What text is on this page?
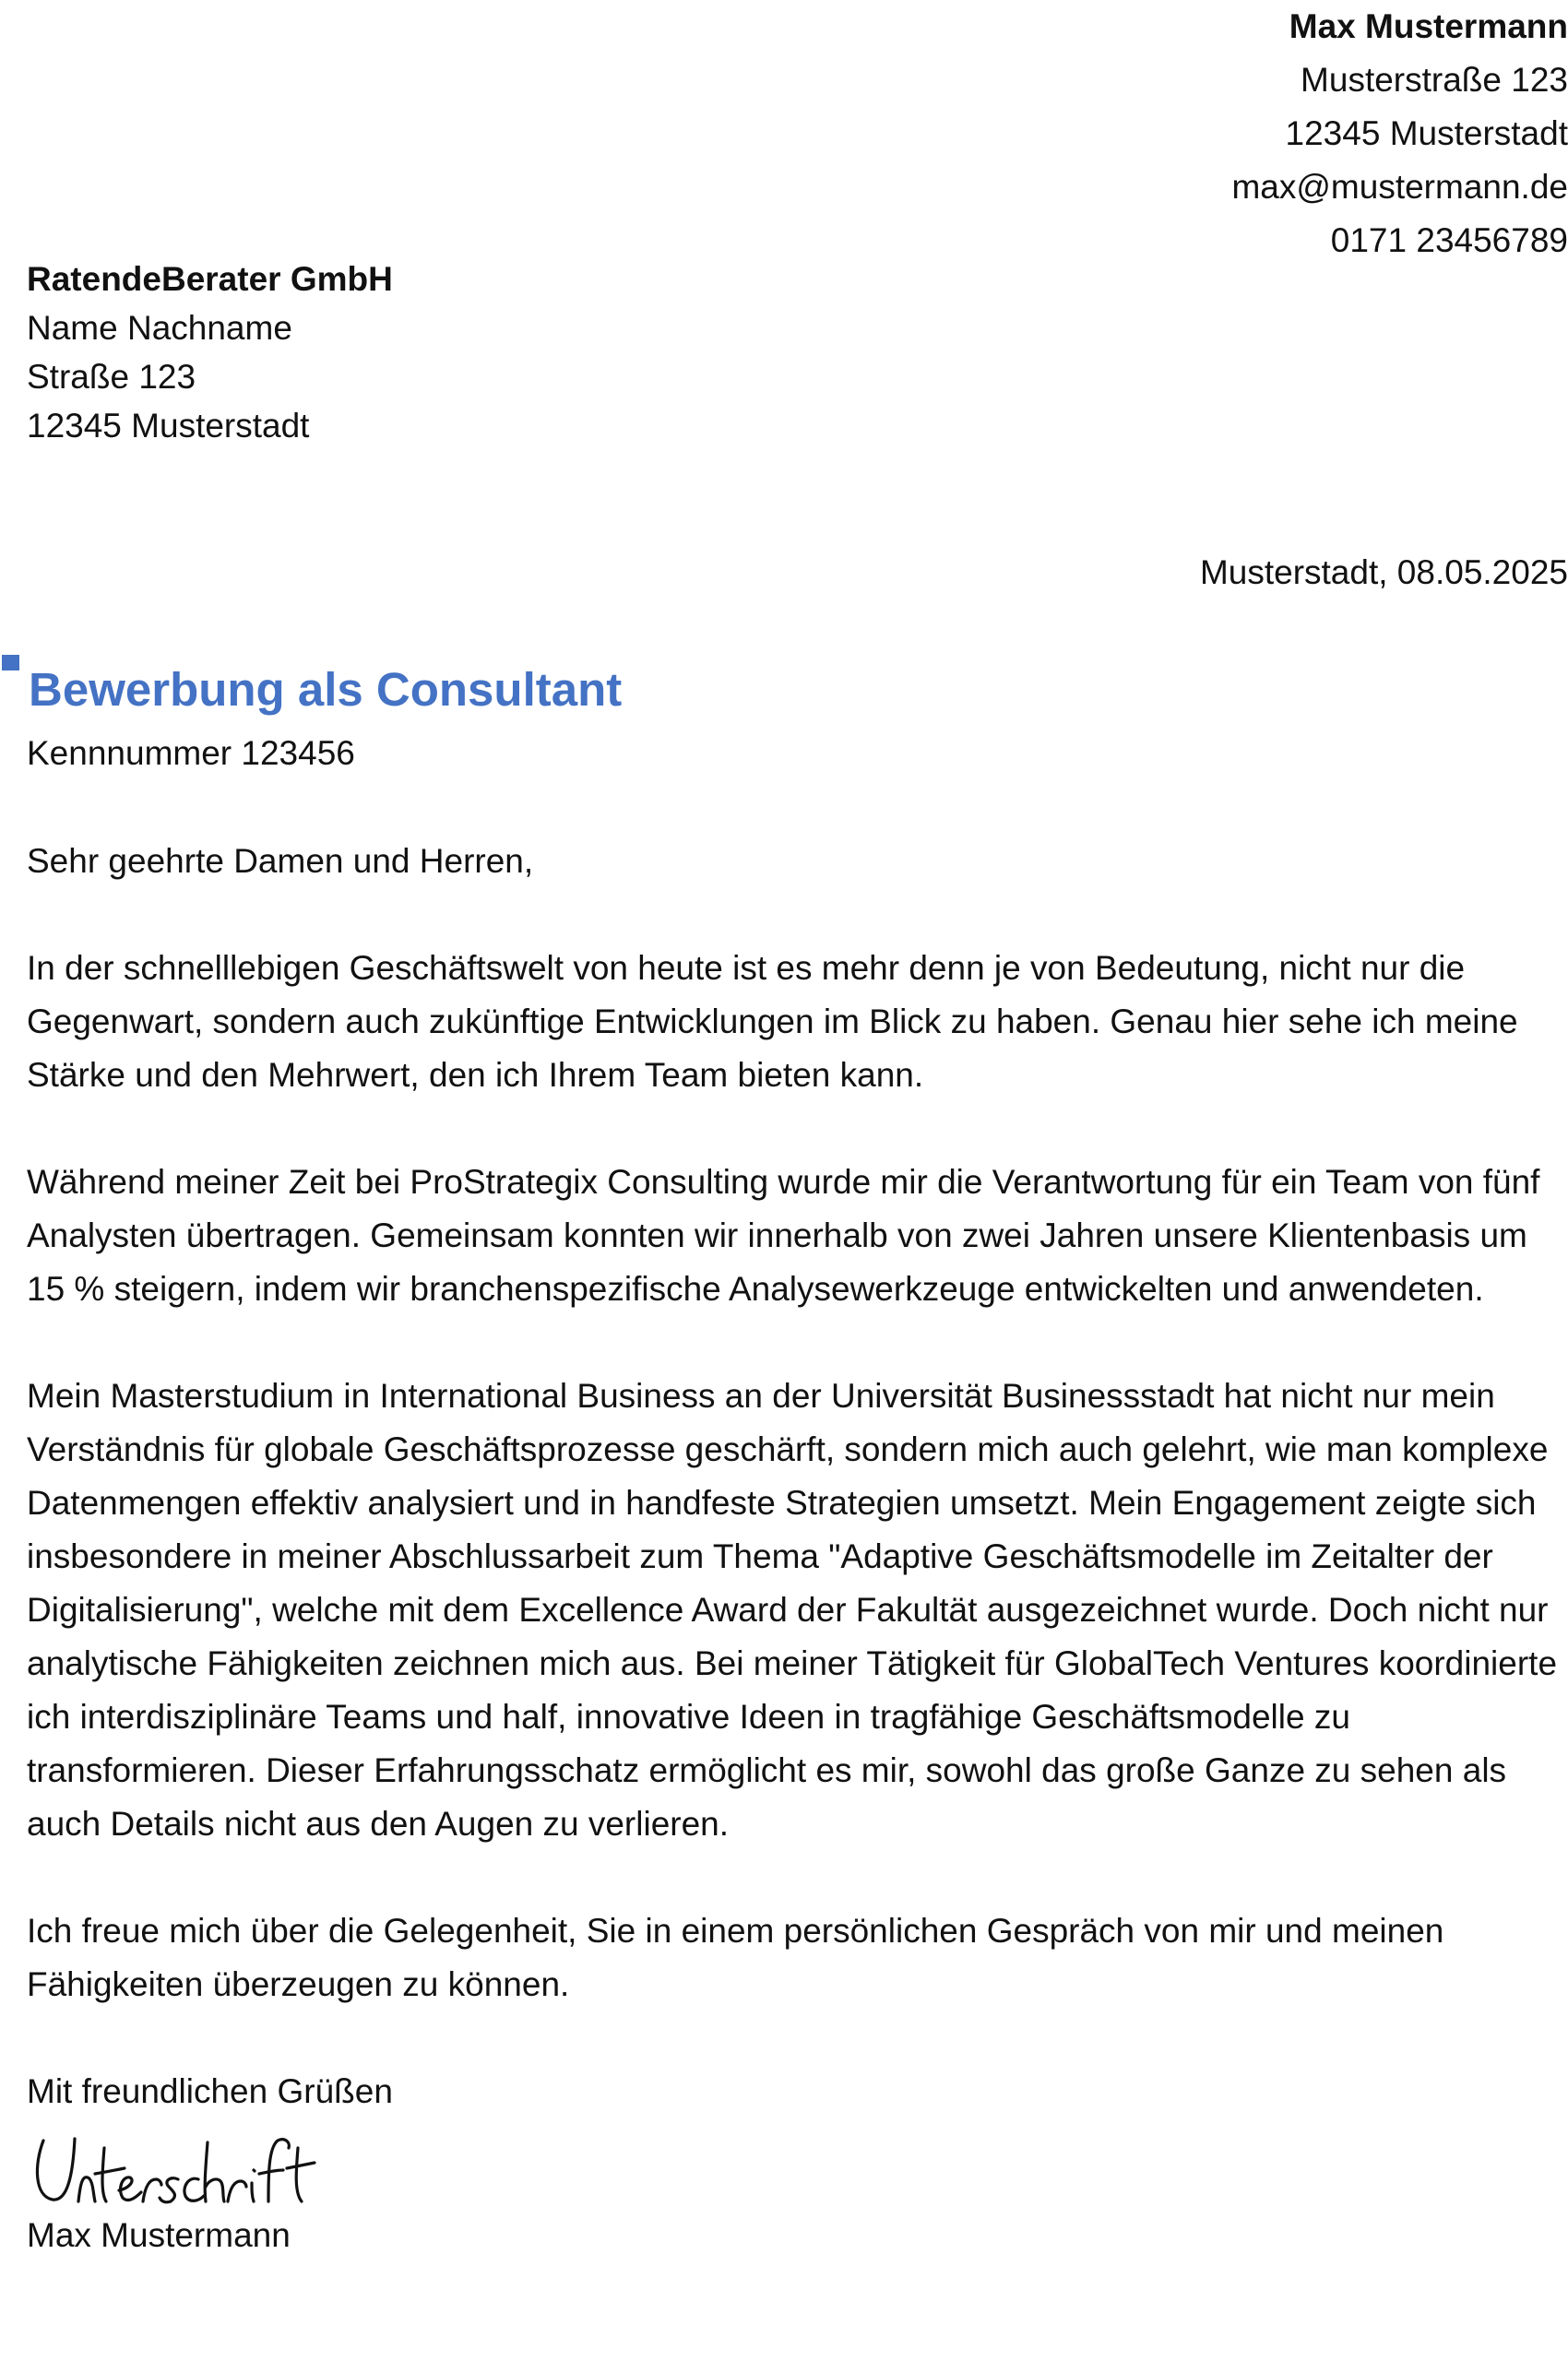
Max Mustermann
Musterstraße 123
12345 Musterstadt
max@mustermann.de
0171 23456789
RatendeBerater GmbH
Name Nachname
Straße 123
12345 Musterstadt
Musterstadt, 08.05.2025
Bewerbung als Consultant
Kennnummer 123456

Sehr geehrte Damen und Herren,

In der schnelllebigen Geschäftswelt von heute ist es mehr denn je von Bedeutung, nicht nur die Gegenwart, sondern auch zukünftige Entwicklungen im Blick zu haben. Genau hier sehe ich meine Stärke und den Mehrwert, den ich Ihrem Team bieten kann.

Während meiner Zeit bei ProStrategix Consulting wurde mir die Verantwortung für ein Team von fünf Analysten übertragen. Gemeinsam konnten wir innerhalb von zwei Jahren unsere Klientenbasis um 15 % steigern, indem wir branchenspezifische Analysewerkzeuge entwickelten und anwendeten.

Mein Masterstudium in International Business an der Universität Businessstadt hat nicht nur mein Verständnis für globale Geschäftsprozesse geschärft, sondern mich auch gelehrt, wie man komplexe Datenmengen effektiv analysiert und in handfeste Strategien umsetzt. Mein Engagement zeigte sich insbesondere in meiner Abschlussarbeit zum Thema "Adaptive Geschäftsmodelle im Zeitalter der Digitalisierung", welche mit dem Excellence Award der Fakultät ausgezeichnet wurde. Doch nicht nur analytische Fähigkeiten zeichnen mich aus. Bei meiner Tätigkeit für GlobalTech Ventures koordinierte ich interdisziplinäre Teams und half, innovative Ideen in tragfähige Geschäftsmodelle zu transformieren. Dieser Erfahrungsschatz ermöglicht es mir, sowohl das große Ganze zu sehen als auch Details nicht aus den Augen zu verlieren.

Ich freue mich über die Gelegenheit, Sie in einem persönlichen Gespräch von mir und meinen Fähigkeiten überzeugen zu können.

Mit freundlichen Grüßen
Max Mustermann
